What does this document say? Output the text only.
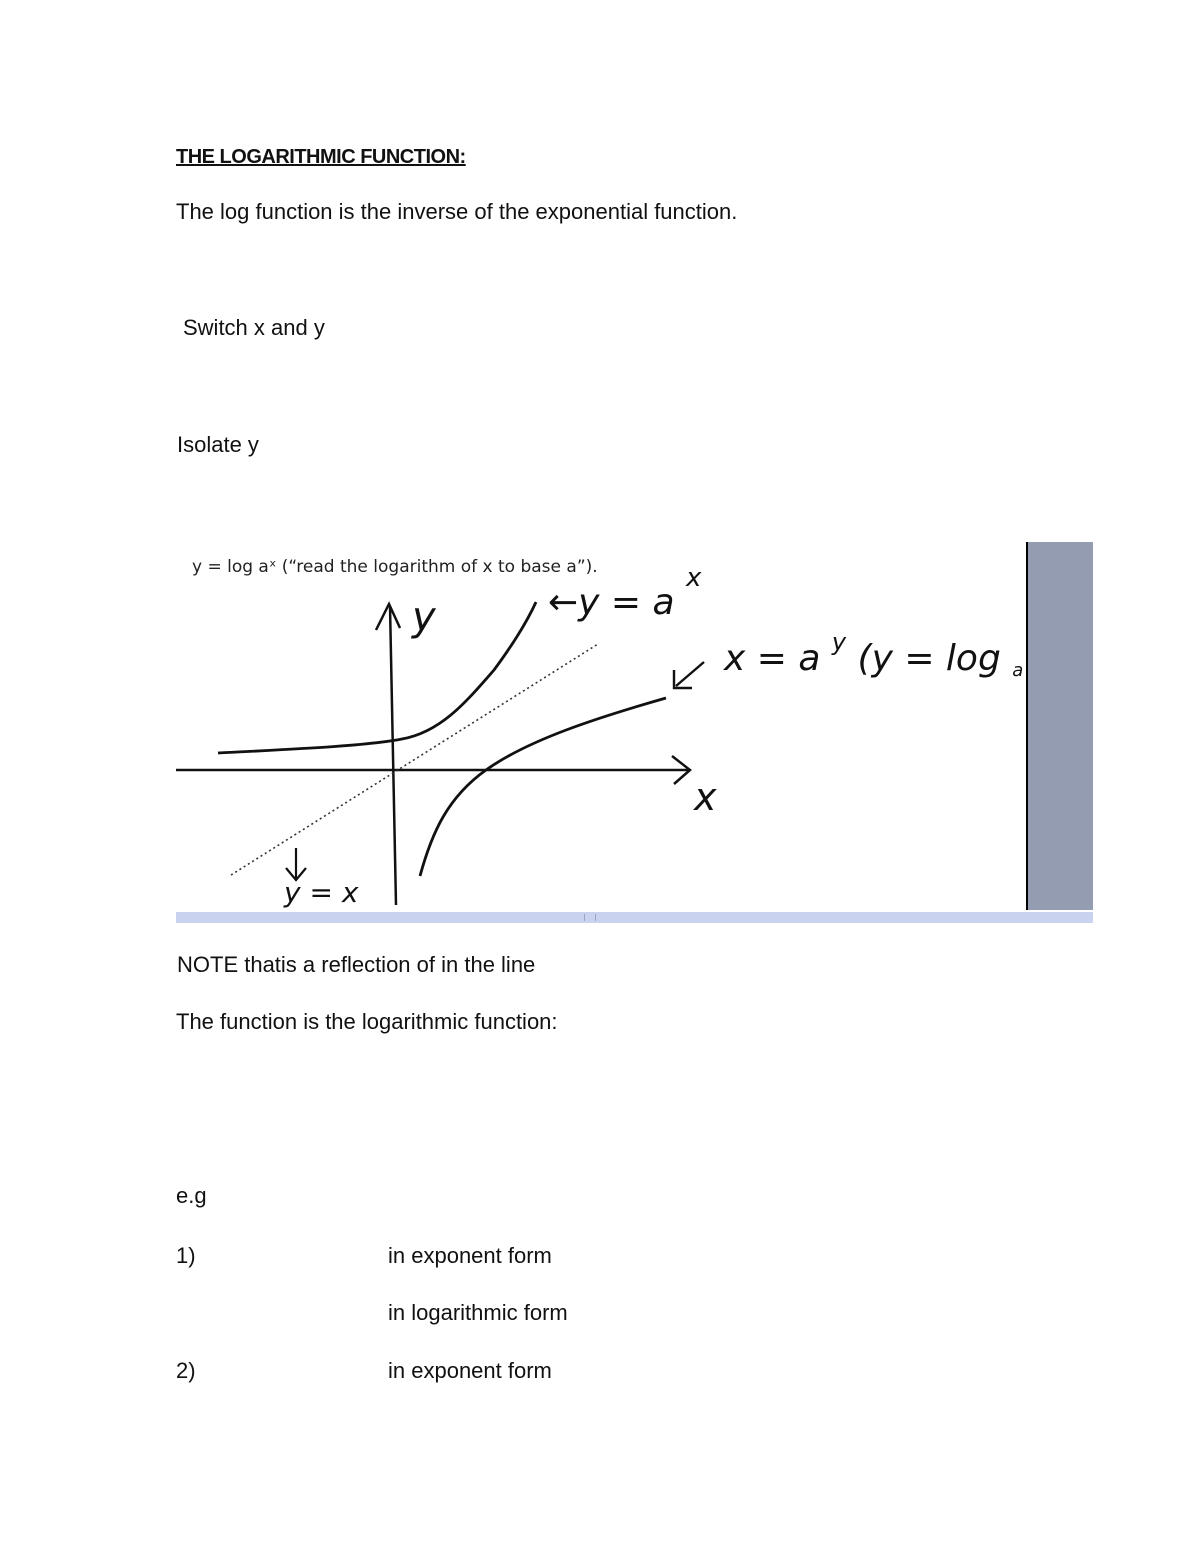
THE LOGARITHMIC FUNCTION:
The log function is the inverse of the exponential function.
Switch x and y
Isolate y
y = log aˣ (“read the logarithm of x to base a”).
y
x
←y = a $^x$
x = a $^y$ (y = log a
y = x
NOTE thatis a reflection of in the line
The function is the logarithmic function:
e.g
1)	in exponent form
in logarithmic form
2)	in exponent form
